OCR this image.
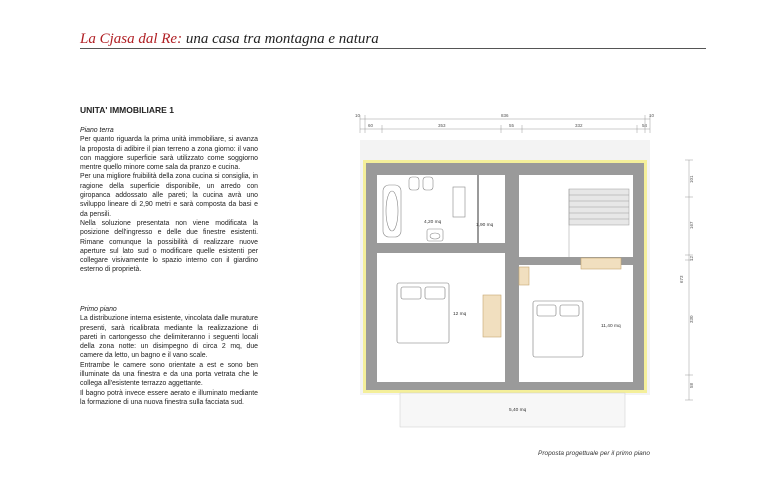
La Cjasa dal Re: una casa tra montagna e natura
UNITA' IMMOBILIARE 1

Piano terra

Per quanto riguarda la prima unità immobiliare, si avanza la proposta di adibire il pian terreno a zona giorno: il vano con maggiore superficie sarà utilizzato come soggiorno mentre quello minore come sala da pranzo e cucina.

Per una migliore fruibilità della zona cucina si consiglia, in ragione della superficie disponibile, un arredo con giropanca addossato alle pareti; la cucina avrà uno sviluppo lineare di 2,90 metri e sarà composta da basi e da pensili.

Nella soluzione presentata non viene modificata la posizione dell'ingresso e delle due finestre esistenti. Rimane comunque la possibilità di realizzare nuove aperture sul lato sud o modificare quelle esistenti per collegare visivamente lo spazio interno con il giardino esterno di proprietà.

Primo piano

La distribuzione interna esistente, vincolata dalle murature presenti, sarà ricalibrata mediante la realizzazione di pareti in cartongesso che delimiteranno i seguenti locali della zona notte: un disimpegno di circa 2 mq, due camere da letto, un bagno e il vano scale.

Entrambe le camere sono orientate a est e sono ben illuminate da una finestra e da una porta vetrata che le collega all'esistente terrazzo aggettante.

Il bagno potrà invece essere aerato e illuminato mediante la formazione di una nuova finestra sulla facciata sud.

10	836	10
60	353	55	332	54
101
167
12
330
58
673
4,20 mq
1,90 mq
12 mq
11,40 mq
5,40 mq
Proposta progettuale per il primo piano
